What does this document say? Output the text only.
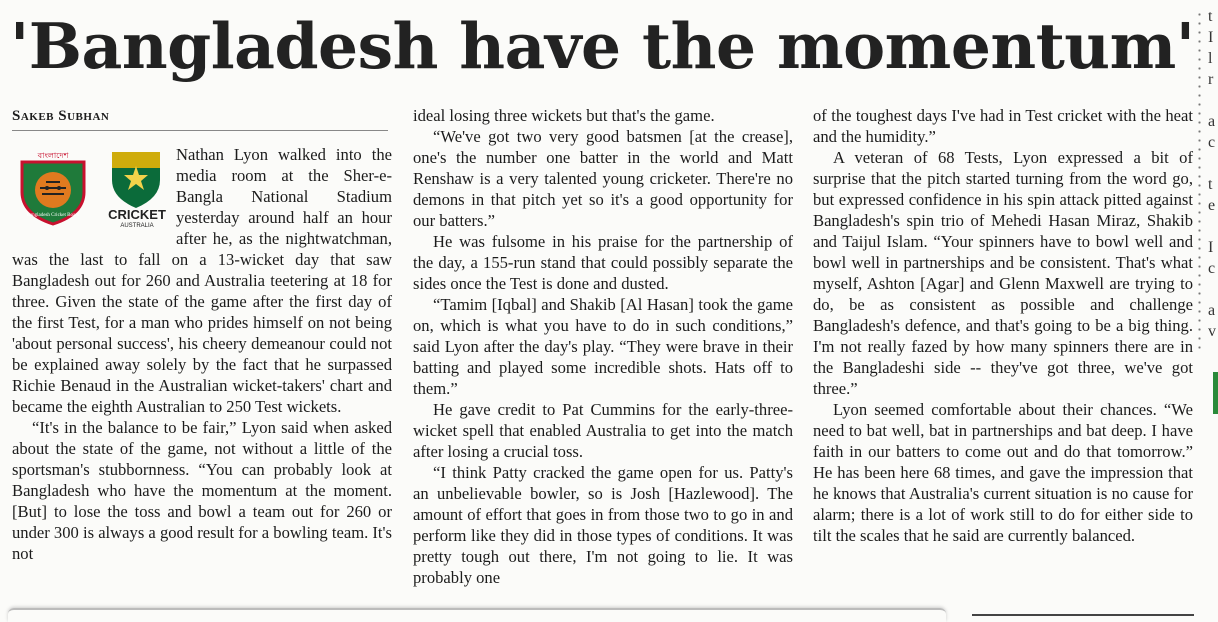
'Bangladesh have the momentum'
Sakeb Subhan
বাংলাদেশ
Bangladesh Cricket Board	CRICKET
AUSTRALIA

Nathan Lyon walked into the media room at the Sher-e-Bangla National Stadium yesterday around half an hour after he, as the nightwatchman, was the last to fall on a 13-wicket day that saw Bangladesh out for 260 and Australia teetering at 18 for three. Given the state of the game after the first day of the first Test, for a man who prides himself on not being 'about personal success', his cheery demeanour could not be explained away solely by the fact that he surpassed Richie Benaud in the Australian wicket-takers' chart and became the eighth Australian to 250 Test wickets.

“It's in the balance to be fair,” Lyon said when asked about the state of the game, not without a little of the sportsman's stubbornness. “You can probably look at Bangladesh who have the momentum at the moment. [But] to lose the toss and bowl a team out for 260 or under 300 is always a good result for a bowling team. It's not

ideal losing three wickets but that's the game.

“We've got two very good batsmen [at the crease], one's the number one batter in the world and Matt Renshaw is a very talented young cricketer. There're no demons in that pitch yet so it's a good opportunity for our batters.”

He was fulsome in his praise for the partnership of the day, a 155-run stand that could possibly separate the sides once the Test is done and dusted.

“Tamim [Iqbal] and Shakib [Al Hasan] took the game on, which is what you have to do in such conditions,” said Lyon after the day's play. “They were brave in their batting and played some incredible shots. Hats off to them.”

He gave credit to Pat Cummins for the early-three-wicket spell that enabled Australia to get into the match after losing a crucial toss.

“I think Patty cracked the game open for us. Patty's an unbelievable bowler, so is Josh [Hazlewood]. The amount of effort that goes in from those two to go in and perform like they did in those types of conditions. It was pretty tough out there, I'm not going to lie. It was probably one

of the toughest days I've had in Test cricket with the heat and the humidity.”

A veteran of 68 Tests, Lyon expressed a bit of surprise that the pitch started turning from the word go, but expressed confidence in his spin attack pitted against Bangladesh's spin trio of Mehedi Hasan Miraz, Shakib and Taijul Islam. “Your spinners have to bowl well and bowl well in partnerships and be consistent. That's what myself, Ashton [Agar] and Glenn Maxwell are trying to do, be as consistent as possible and challenge Bangladesh's defence, and that's going to be a big thing. I'm not really fazed by how many spinners there are in the Bangladeshi side -- they've got three, we've got three.”

Lyon seemed comfortable about their chances. “We need to bat well, bat in partnerships and bat deep. I have faith in our batters to come out and do that tomorrow.” He has been here 68 times, and gave the impression that he knows that Australia's current situation is no cause for alarm; there is a lot of work still to do for either side to tilt the scales that he said are currently balanced.

t
I
l
r
a
c
t
e
I
c
a
v
